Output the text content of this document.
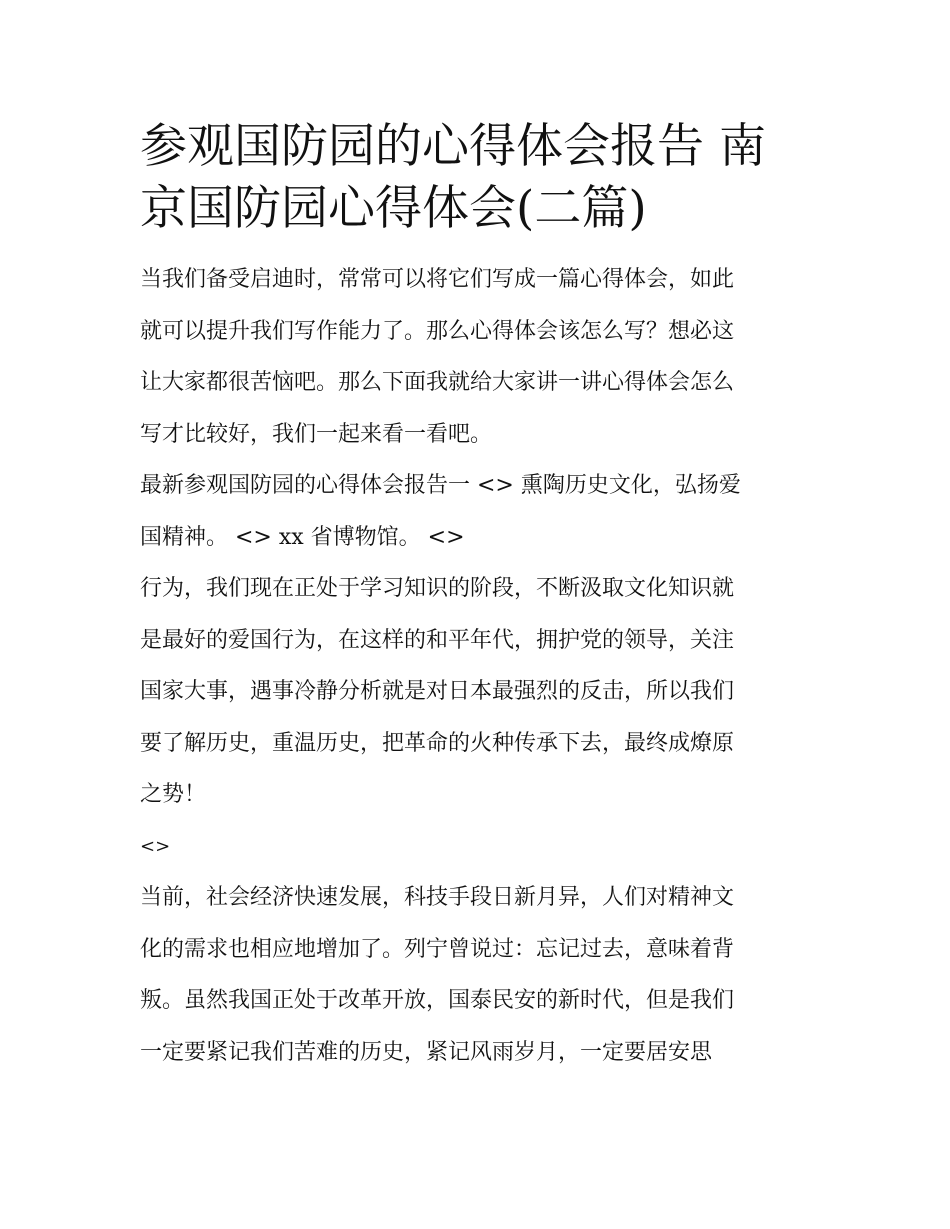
参观国防园的心得体会报告 南
京国防园心得体会(二篇)
当我们备受启迪时，常常可以将它们写成一篇心得体会，如此
就可以提升我们写作能力了。那么心得体会该怎么写？想必这
让大家都很苦恼吧。那么下面我就给大家讲一讲心得体会怎么
写才比较好，我们一起来看一看吧。
最新参观国防园的心得体会报告一 <> 熏陶历史文化，弘扬爱
国精神。 <> xx 省博物馆。 <>
行为，我们现在正处于学习知识的阶段，不断汲取文化知识就
是最好的爱国行为，在这样的和平年代，拥护党的领导，关注
国家大事，遇事冷静分析就是对日本最强烈的反击，所以我们
要了解历史，重温历史，把革命的火种传承下去，最终成燎原
之势！
<>
当前，社会经济快速发展，科技手段日新月异，人们对精神文
化的需求也相应地增加了。列宁曾说过：忘记过去，意味着背
叛。虽然我国正处于改革开放，国泰民安的新时代，但是我们
一定要紧记我们苦难的历史，紧记风雨岁月，一定要居安思
